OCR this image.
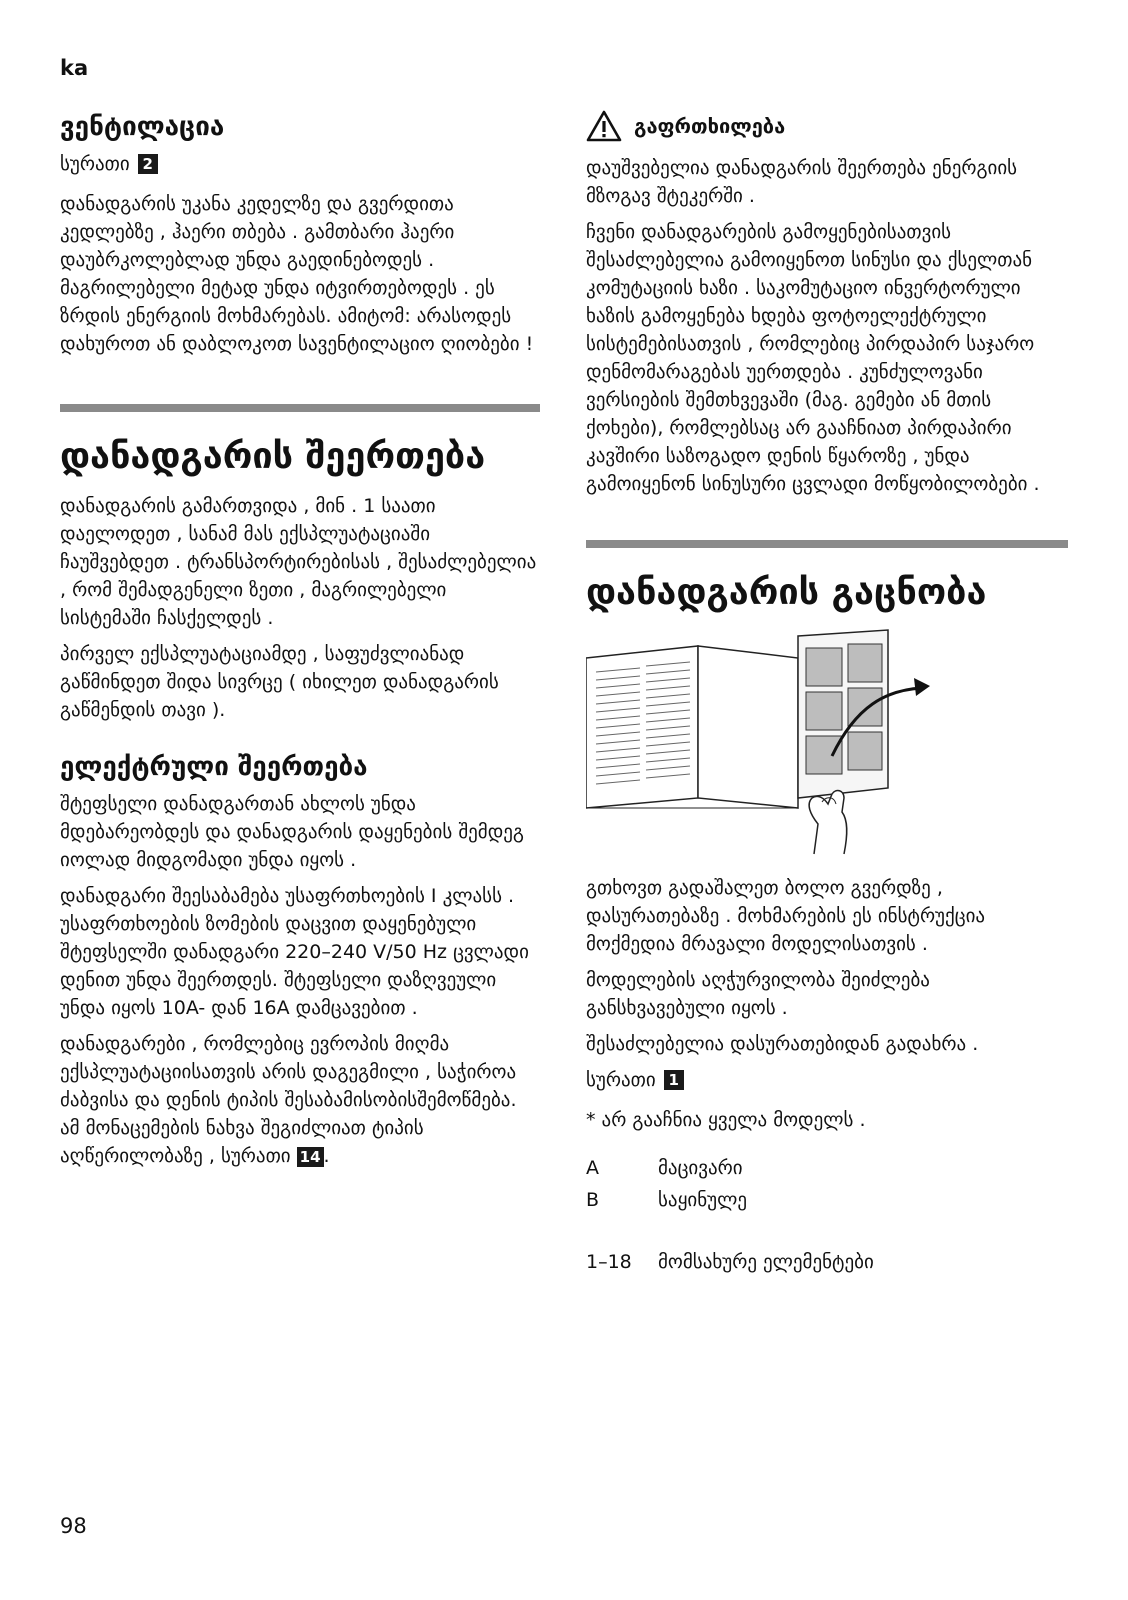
ka
ვენტილაცია
სურათი 2

დანადგარის უკანა კედელზე და გვერდითა კედლებზე , ჰაერი თბება . გამთბარი ჰაერი დაუბრკოლებლად უნდა გაედინებოდეს . მაგრილებელი მეტად უნდა იტვირთებოდეს . ეს ზრდის ენერგიის მოხმარებას. ამიტომ: არასოდეს დახუროთ ან დაბლოკოთ სავენტილაციო ღიობები !

დანადგარის შეერთება

დანადგარის გამართვიდა , მინ . 1 საათი დაელოდეთ , სანამ მას ექსპლუატაციაში ჩაუშვებდეთ . ტრანსპორტირებისას , შესაძლებელია , რომ შემადგენელი ზეთი , მაგრილებელი სისტემაში ჩასქელდეს .

პირველ ექსპლუატაციამდე , საფუძვლიანად გაწმინდეთ შიდა სივრცე ( იხილეთ დანადგარის გაწმენდის თავი ).

ელექტრული შეერთება

შტეფსელი დანადგართან ახლოს უნდა მდებარეობდეს და დანადგარის დაყენების შემდეგ იოლად მიდგომადი უნდა იყოს .

დანადგარი შეესაბამება უსაფრთხოების I კლასს . უსაფრთხოების ზომების დაცვით დაყენებული შტეფსელში დანადგარი 220–240 V/50 Hz ცვლადი დენით უნდა შეერთდეს. შტეფსელი დაზღვეული უნდა იყოს 10A- დან 16A დამცავებით .

დანადგარები , რომლებიც ევროპის მიღმა ექსპლუატაციისათვის არის დაგეგმილი , საჭიროა ძაბვისა და დენის ტიპის შესაბამისობისშემოწმება. ამ მონაცემების ნახვა შეგიძლიათ ტიპის აღწერილობაზე , სურათი 14 .

გაფრთხილება

დაუშვებელია დანადგარის შეერთება ენერგიის მზოგავ შტეკერში .

ჩვენი დანადგარების გამოყენებისათვის შესაძლებელია გამოიყენოთ სინუსი და ქსელთან კომუტაციის ხაზი . საკომუტაციო ინვერტორული ხაზის გამოყენება ხდება ფოტოელექტრული სისტემებისათვის , რომლებიც პირდაპირ საჯარო დენმომარაგებას უერთდება . კუნძულოვანი ვერსიების შემთხვევაში (მაგ. გემები ან მთის ქოხები), რომლებსაც არ გააჩნიათ პირდაპირი კავშირი საზოგადო დენის წყაროზე , უნდა გამოიყენონ სინუსური ცვლადი მოწყობილობები .

დანადგარის გაცნობა

გთხოვთ გადაშალეთ ბოლო გვერდზე , დასურათებაზე . მოხმარების ეს ინსტრუქცია მოქმედია მრავალი მოდელისათვის .

მოდელების აღჭურვილობა შეიძლება განსხვავებული იყოს .

შესაძლებელია დასურათებიდან გადახრა .

სურათი 1

* არ გააჩნია ყველა მოდელს .

A	მაცივარი
B	საყინულე
1–18	მომსახურე ელემენტები
98
